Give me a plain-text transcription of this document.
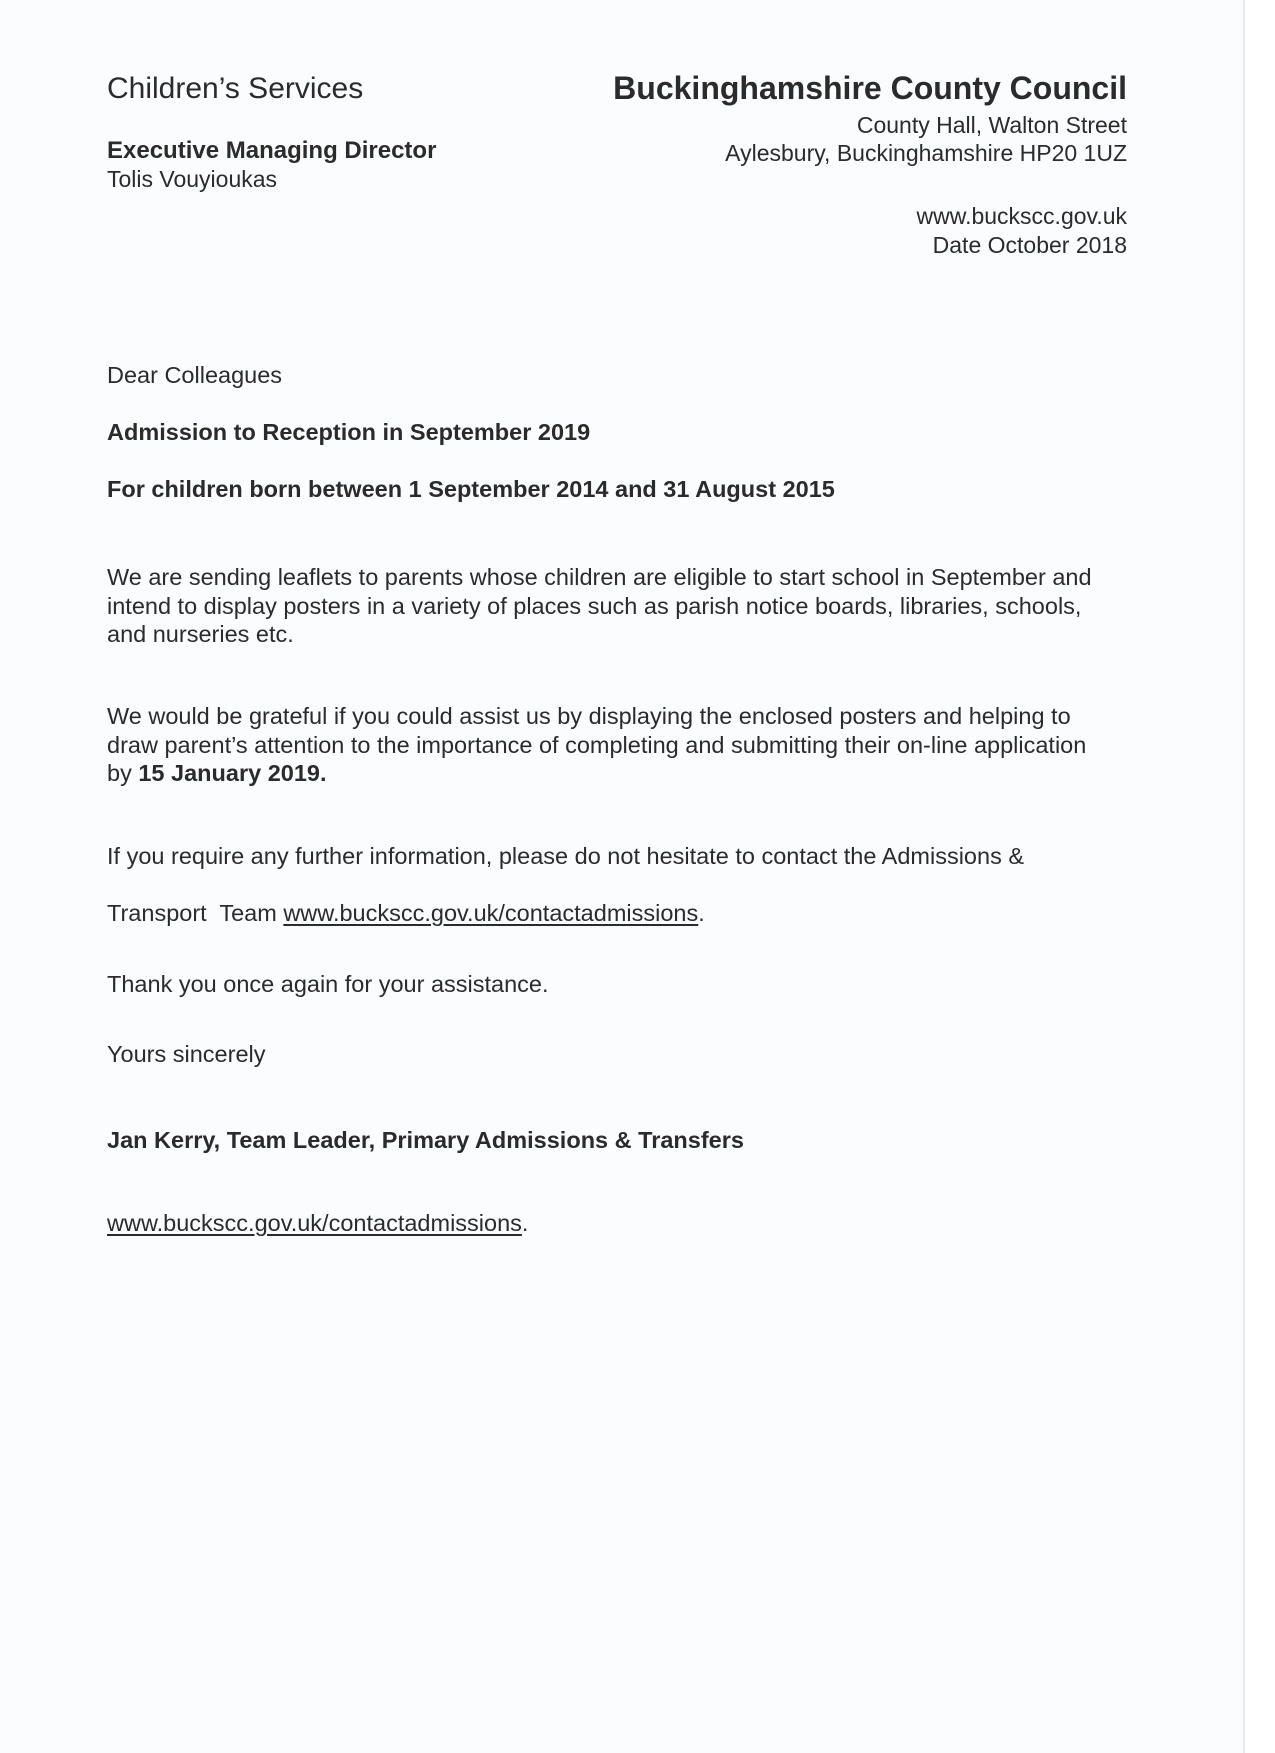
Children’s Services
Executive Managing Director
Tolis Vouyioukas
Buckinghamshire County Council
County Hall, Walton Street
Aylesbury, Buckinghamshire HP20 1UZ
www.buckscc.gov.uk
Date October 2018
Dear Colleagues
Admission to Reception in September 2019
For children born between 1 September 2014 and 31 August 2015
We are sending leaflets to parents whose children are eligible to start school in September and
intend to display posters in a variety of places such as parish notice boards, libraries, schools,
and nurseries etc.
We would be grateful if you could assist us by displaying the enclosed posters and helping to
draw parent’s attention to the importance of completing and submitting their on-line application
by 15 January 2019.
If you require any further information, please do not hesitate to contact the Admissions &
Transport  Team www.buckscc.gov.uk/contactadmissions.
Thank you once again for your assistance.
Yours sincerely
Jan Kerry, Team Leader, Primary Admissions & Transfers
www.buckscc.gov.uk/contactadmissions.
